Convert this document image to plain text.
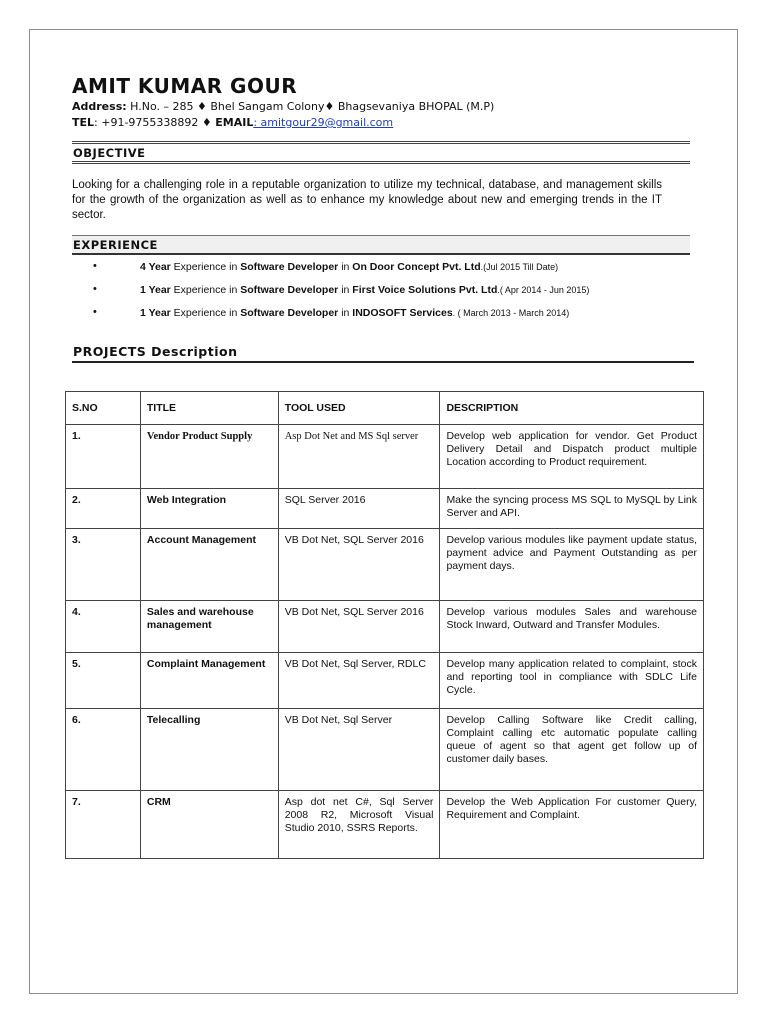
AMIT KUMAR GOUR
Address: H.No. – 285 ♦ Bhel Sangam Colony♦ Bhagsevaniya BHOPAL (M.P)
TEL: +91-9755338892 ♦ EMAIL: amitgour29@gmail.com
OBJECTIVE
Looking for a challenging role in a reputable organization to utilize my technical, database, and management skills for the growth of the organization as well as to enhance my knowledge about new and emerging trends in the IT sector.
EXPERIENCE
•	4 Year Experience in Software Developer in On Door Concept Pvt. Ltd.(Jul 2015 Till Date)
•	1 Year Experience in Software Developer in First Voice Solutions Pvt. Ltd.( Apr 2014 - Jun 2015)
•	1 Year Experience in Software Developer in INDOSOFT Services. ( March 2013 - March 2014)
PROJECTS Description
S.NO	TITLE	TOOL USED	DESCRIPTION
1.	Vendor Product Supply	Asp Dot Net and MS Sql server	Develop web application for vendor. Get Product Delivery Detail and Dispatch product multiple Location according to Product requirement.
2.	Web Integration	SQL Server 2016	Make the syncing process MS SQL to MySQL by Link Server and API.
3.	Account Management	VB Dot Net, SQL Server 2016	Develop various modules like payment update status, payment advice and Payment Outstanding as per payment days.
4.	Sales and warehouse management	VB Dot Net, SQL Server 2016	Develop various modules Sales and warehouse Stock Inward, Outward and Transfer Modules.
5.	Complaint Management	VB Dot Net, Sql Server, RDLC	Develop many application related to complaint, stock and reporting tool in compliance with SDLC Life Cycle.
6.	Telecalling	VB Dot Net, Sql Server	Develop Calling Software like Credit calling, Complaint calling etc automatic populate calling queue of agent so that agent get follow up of customer daily bases.
7.	CRM	Asp dot net C#, Sql Server 2008 R2, Microsoft Visual Studio 2010, SSRS Reports.	Develop the Web Application For customer Query, Requirement and Complaint.
